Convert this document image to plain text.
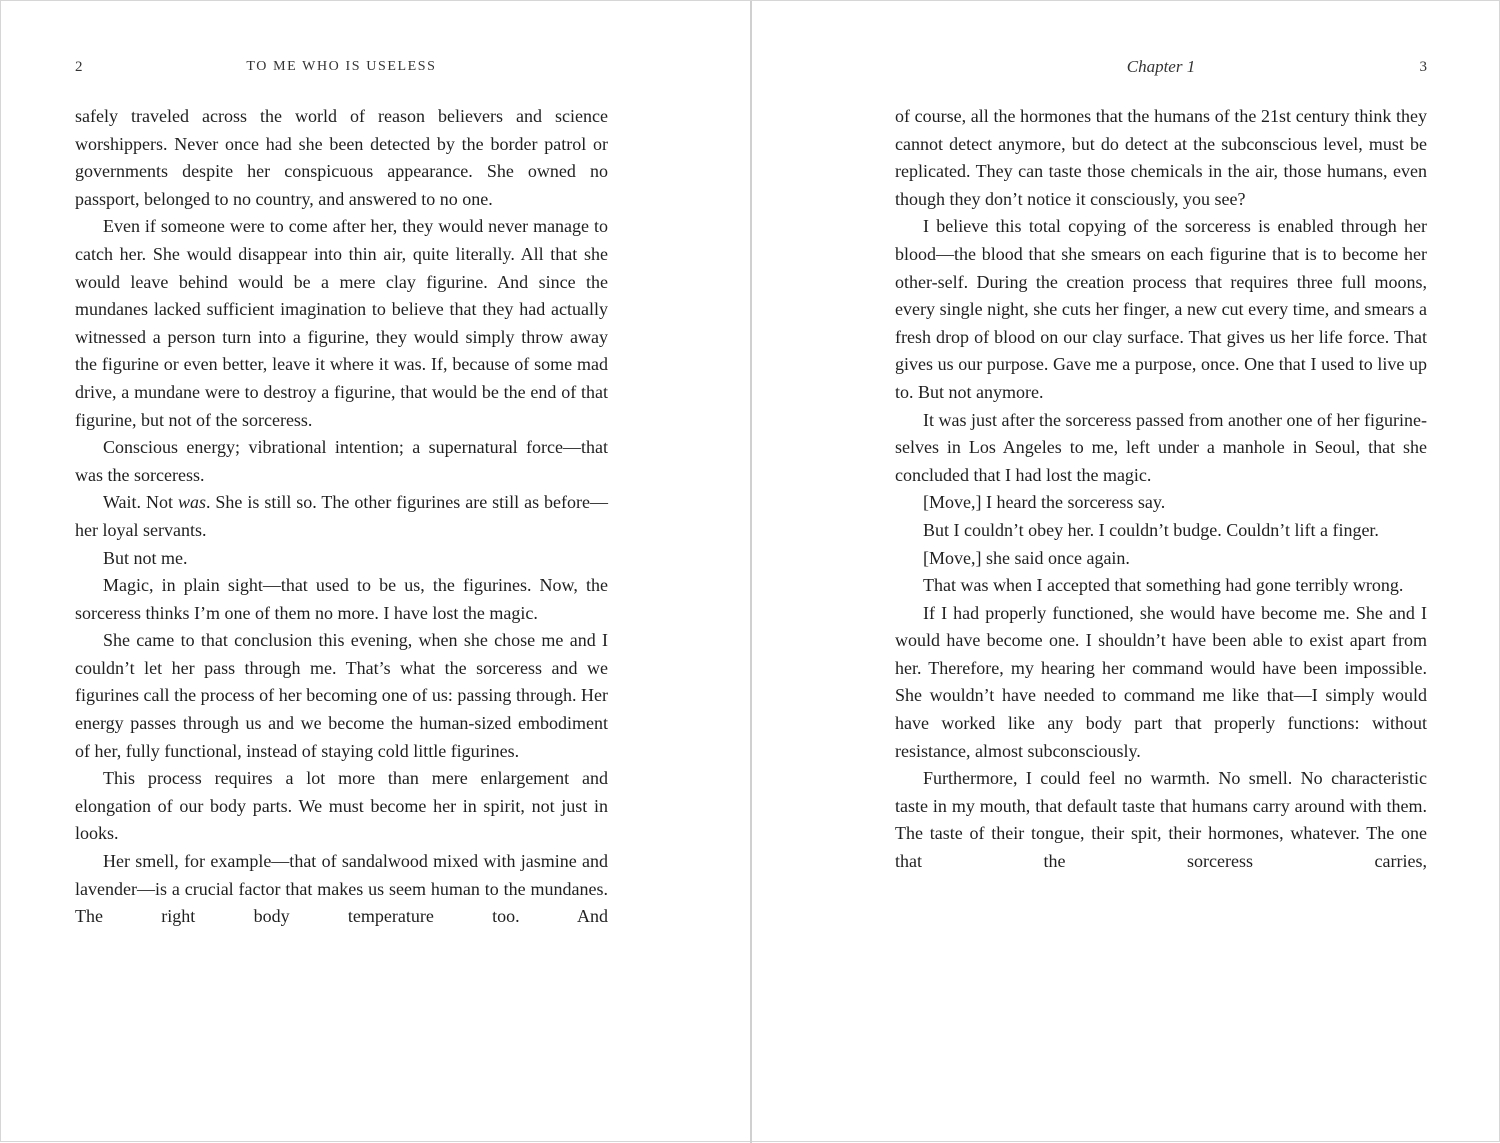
2	TO ME WHO IS USELESS

safely traveled across the world of reason believers and science worshippers. Never once had she been detected by the border patrol or governments despite her conspicuous appearance. She owned no passport, belonged to no country, and answered to no one.

Even if someone were to come after her, they would never manage to catch her. She would disappear into thin air, quite literally. All that she would leave behind would be a mere clay figurine. And since the mundanes lacked sufficient imagination to believe that they had actually witnessed a person turn into a figurine, they would simply throw away the figurine or even better, leave it where it was. If, because of some mad drive, a mundane were to destroy a figurine, that would be the end of that figurine, but not of the sorceress.

Conscious energy; vibrational intention; a supernatural force—that was the sorceress.

Wait. Not was. She is still so. The other figurines are still as before—her loyal servants.

But not me.

Magic, in plain sight—that used to be us, the figurines. Now, the sorceress thinks I’m one of them no more. I have lost the magic.

She came to that conclusion this evening, when she chose me and I couldn’t let her pass through me. That’s what the sorceress and we figurines call the process of her becoming one of us: passing through. Her energy passes through us and we become the human-sized embodiment of her, fully functional, instead of staying cold little figurines.

This process requires a lot more than mere enlargement and elongation of our body parts. We must become her in spirit, not just in looks.

Her smell, for example—that of sandalwood mixed with jasmine and lavender—is a crucial factor that makes us seem human to the mundanes. The right body temperature too. And

Chapter 1	3

of course, all the hormones that the humans of the 21st century think they cannot detect anymore, but do detect at the subconscious level, must be replicated. They can taste those chemicals in the air, those humans, even though they don’t notice it consciously, you see?

I believe this total copying of the sorceress is enabled through her blood—the blood that she smears on each figurine that is to become her other-self. During the creation process that requires three full moons, every single night, she cuts her finger, a new cut every time, and smears a fresh drop of blood on our clay surface. That gives us her life force. That gives us our purpose. Gave me a purpose, once. One that I used to live up to. But not anymore.

It was just after the sorceress passed from another one of her figurine-selves in Los Angeles to me, left under a manhole in Seoul, that she concluded that I had lost the magic.

[Move,] I heard the sorceress say.

But I couldn’t obey her. I couldn’t budge. Couldn’t lift a finger.

[Move,] she said once again.

That was when I accepted that something had gone terribly wrong.

If I had properly functioned, she would have become me. She and I would have become one. I shouldn’t have been able to exist apart from her. Therefore, my hearing her command would have been impossible. She wouldn’t have needed to command me like that—I simply would have worked like any body part that properly functions: without resistance, almost subconsciously.

Furthermore, I could feel no warmth. No smell. No characteristic taste in my mouth, that default taste that humans carry around with them. The taste of their tongue, their spit, their hormones, whatever. The one that the sorceress carries,
